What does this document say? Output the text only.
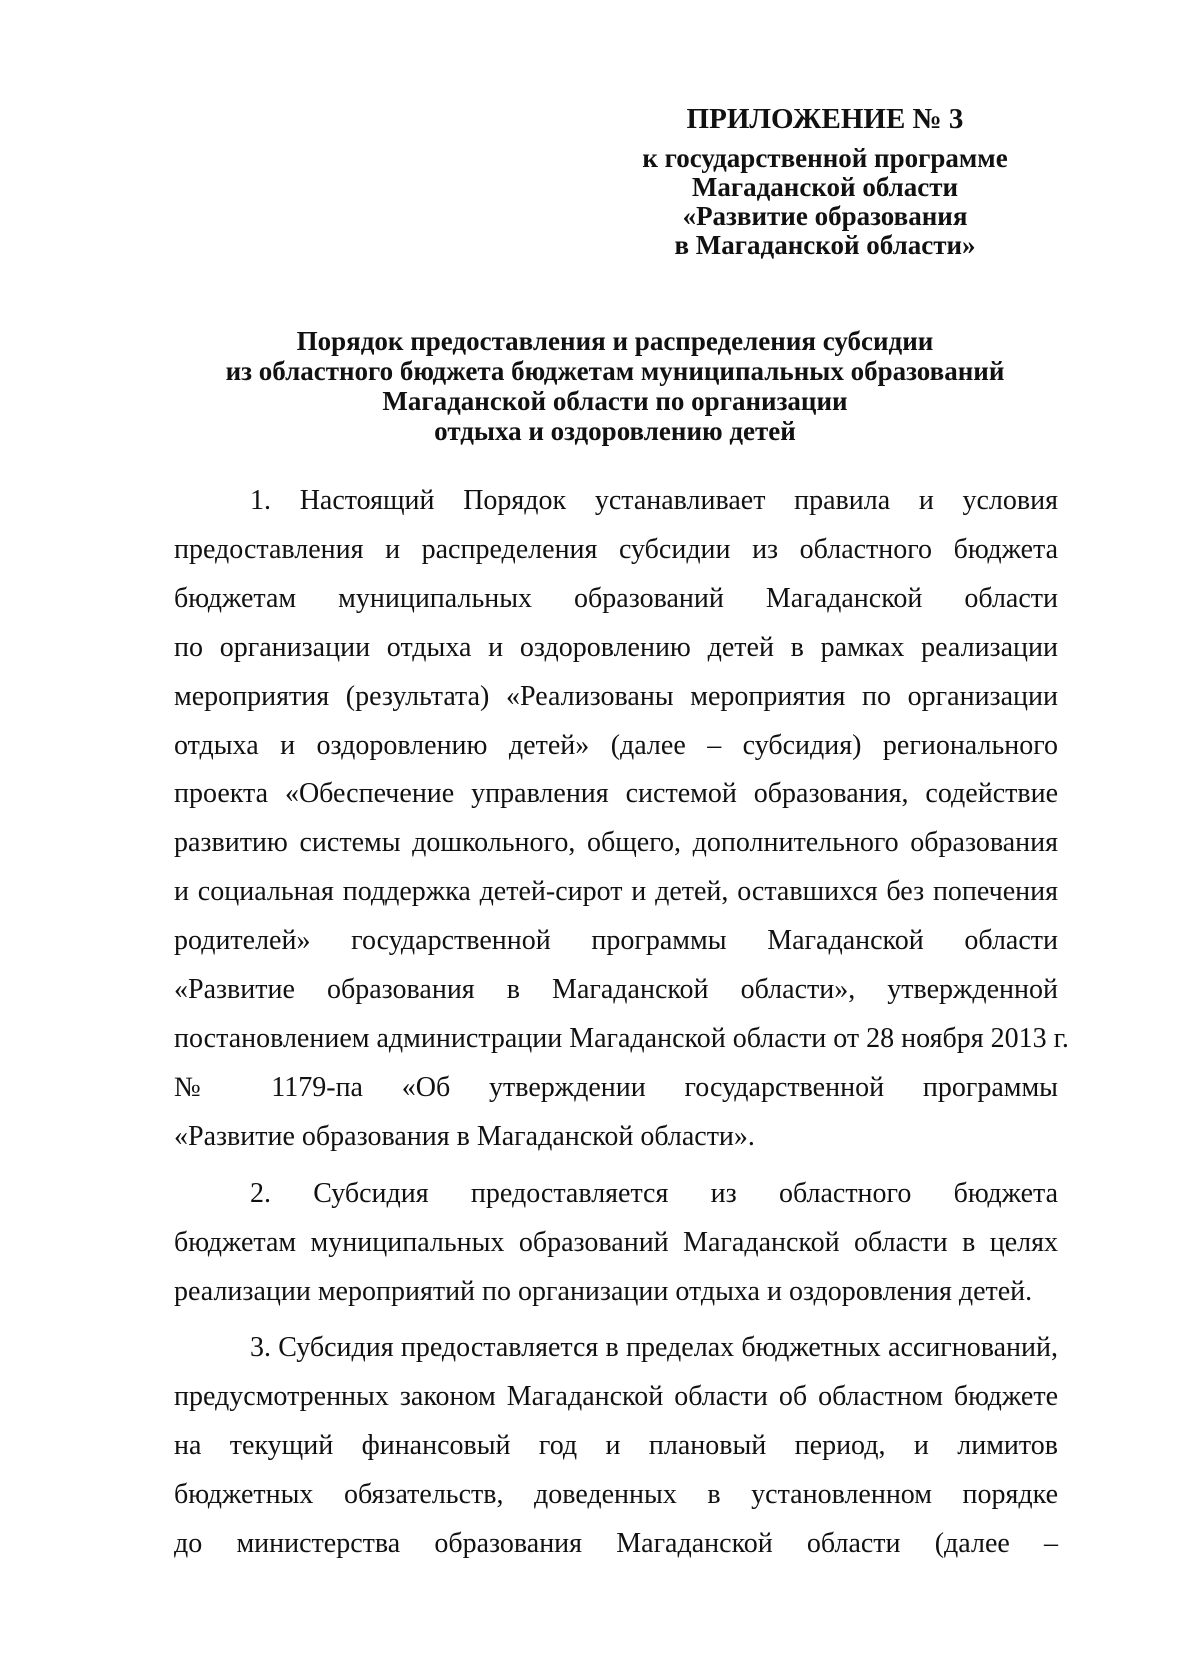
ПРИЛОЖЕНИЕ № 3
к государственной программе
Магаданской области
«Развитие образования
в Магаданской области»
Порядок предоставления и распределения субсидии
из областного бюджета бюджетам муниципальных образований
Магаданской области по организации
отдыха и оздоровлению детей
1. Настоящий Порядок устанавливает правила и условия
предоставления и распределения субсидии из областного бюджета
бюджетам муниципальных образований Магаданской области
по организации отдыха и оздоровлению детей в рамках реализации
мероприятия (результата) «Реализованы мероприятия по организации
отдыха и оздоровлению детей» (далее – субсидия) регионального
проекта «Обеспечение управления системой образования, содействие
развитию системы дошкольного, общего, дополнительного образования
и социальная поддержка детей-сирот и детей, оставшихся без попечения
родителей» государственной программы Магаданской области
«Развитие образования в Магаданской области», утвержденной
постановлением администрации Магаданской области от 28 ноября 2013 г.
№ 1179-па «Об утверждении государственной программы
«Развитие образования в Магаданской области».
2. Субсидия предоставляется из областного бюджета
бюджетам муниципальных образований Магаданской области в целях
реализации мероприятий по организации отдыха и оздоровления детей.
3. Субсидия предоставляется в пределах бюджетных ассигнований,
предусмотренных законом Магаданской области об областном бюджете
на текущий финансовый год и плановый период, и лимитов
бюджетных обязательств, доведенных в установленном порядке
до министерства образования Магаданской области (далее –
